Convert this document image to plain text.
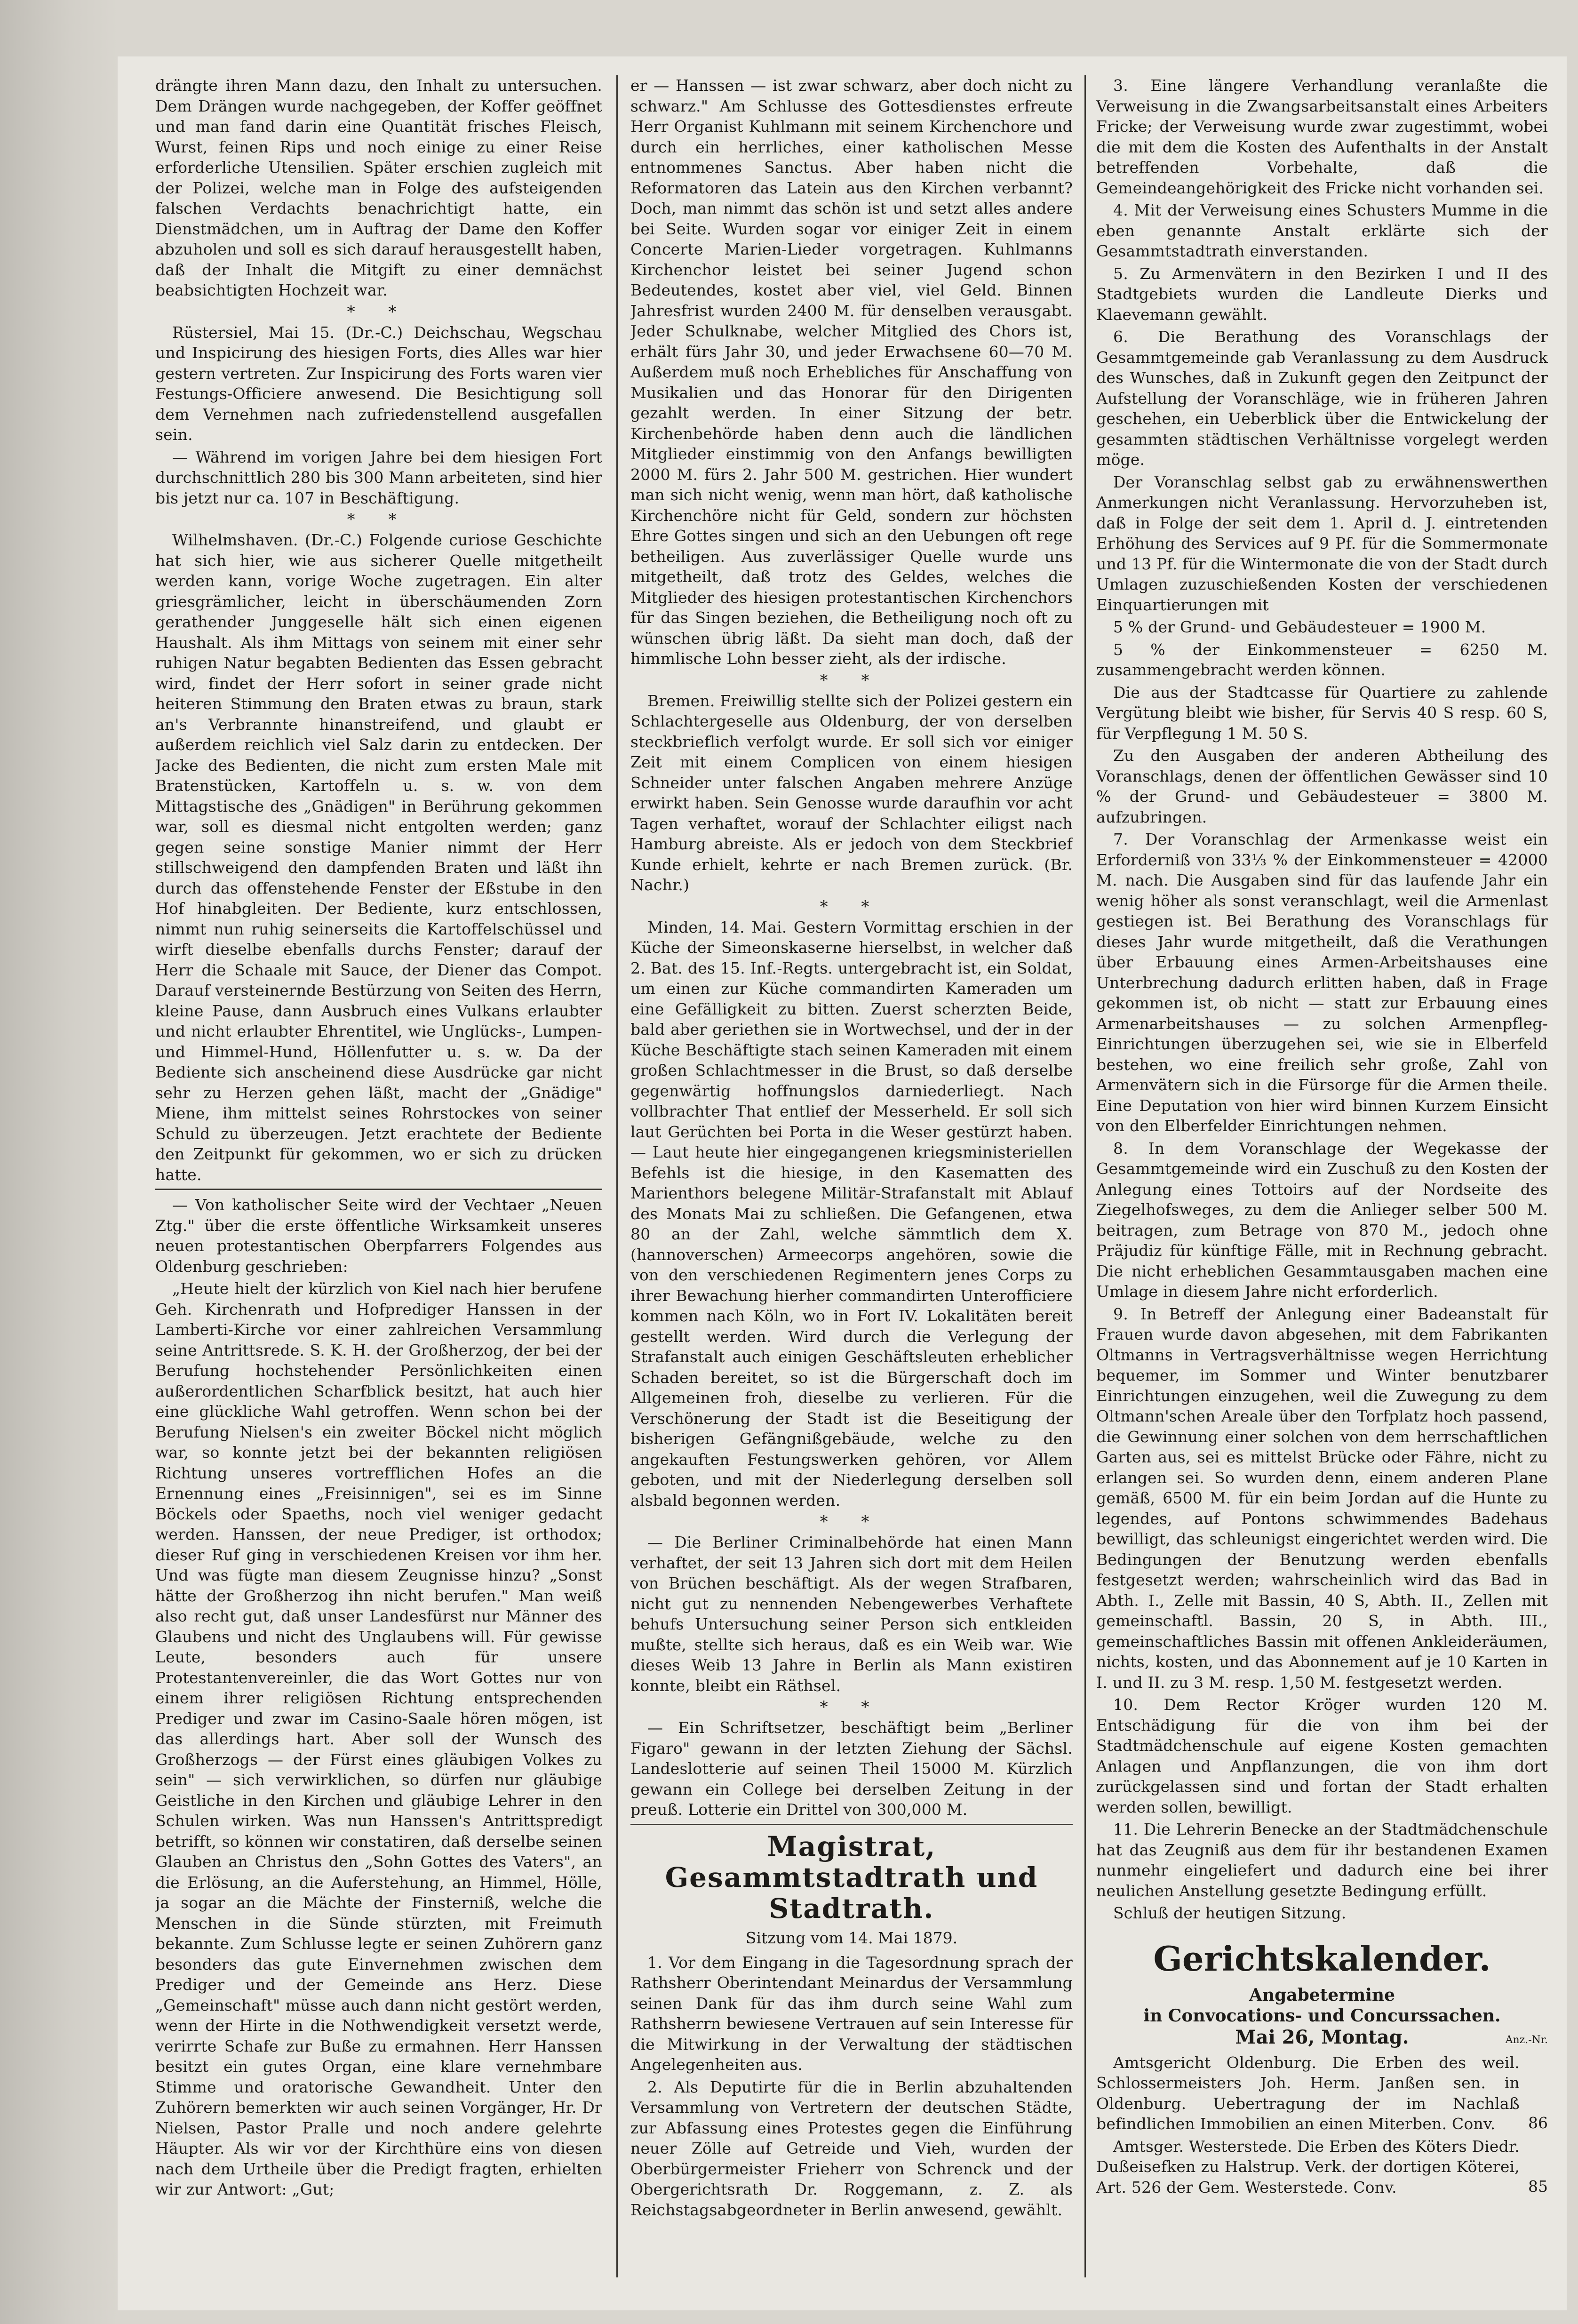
drängte ihren Mann dazu, den Inhalt zu untersuchen. Dem Drängen wurde nachgegeben, der Koffer geöffnet und man fand darin eine Quantität frisches Fleisch, Wurst, feinen Rips und noch einige zu einer Reise erforderliche Utensilien. Später erschien zugleich mit der Polizei, welche man in Folge des aufsteigenden falschen Verdachts benachrichtigt hatte, ein Dienstmädchen, um in Auftrag der Dame den Koffer abzuholen und soll es sich darauf herausgestellt haben, daß der Inhalt die Mitgift zu einer demnächst beabsichtigten Hochzeit war.

* *

Rüstersiel, Mai 15. (Dr.-C.) Deichschau, Wegschau und Inspicirung des hiesigen Forts, dies Alles war hier gestern vertreten. Zur Inspicirung des Forts waren vier Festungs-Officiere anwesend. Die Besichtigung soll dem Vernehmen nach zufriedenstellend ausgefallen sein.

— Während im vorigen Jahre bei dem hiesigen Fort durchschnittlich 280 bis 300 Mann arbeiteten, sind hier bis jetzt nur ca. 107 in Beschäftigung.

* *

Wilhelmshaven. (Dr.-C.) Folgende curiose Geschichte hat sich hier, wie aus sicherer Quelle mitgetheilt werden kann, vorige Woche zugetragen. Ein alter griesgrämlicher, leicht in überschäumenden Zorn gerathender Junggeselle hält sich einen eigenen Haushalt. Als ihm Mittags von seinem mit einer sehr ruhigen Natur begabten Bedienten das Essen gebracht wird, findet der Herr sofort in seiner grade nicht heiteren Stimmung den Braten etwas zu braun, stark an's Verbrannte hinanstreifend, und glaubt er außerdem reichlich viel Salz darin zu entdecken. Der Jacke des Bedienten, die nicht zum ersten Male mit Bratenstücken, Kartoffeln u. s. w. von dem Mittagstische des „Gnädigen" in Berührung gekommen war, soll es diesmal nicht entgolten werden; ganz gegen seine sonstige Manier nimmt der Herr stillschweigend den dampfenden Braten und läßt ihn durch das offenstehende Fenster der Eßstube in den Hof hinabgleiten. Der Bediente, kurz entschlossen, nimmt nun ruhig seinerseits die Kartoffelschüssel und wirft dieselbe ebenfalls durchs Fenster; darauf der Herr die Schaale mit Sauce, der Diener das Compot. Darauf versteinernde Bestürzung von Seiten des Herrn, kleine Pause, dann Ausbruch eines Vulkans erlaubter und nicht erlaubter Ehrentitel, wie Unglücks-, Lumpen- und Himmel-Hund, Höllenfutter u. s. w. Da der Bediente sich anscheinend diese Ausdrücke gar nicht sehr zu Herzen gehen läßt, macht der „Gnädige" Miene, ihm mittelst seines Rohrstockes von seiner Schuld zu überzeugen. Jetzt erachtete der Bediente den Zeitpunkt für gekommen, wo er sich zu drücken hatte.

— Von katholischer Seite wird der Vechtaer „Neuen Ztg." über die erste öffentliche Wirksamkeit unseres neuen protestantischen Oberpfarrers Folgendes aus Oldenburg geschrieben:

„Heute hielt der kürzlich von Kiel nach hier berufene Geh. Kirchenrath und Hofprediger Hanssen in der Lamberti-Kirche vor einer zahlreichen Versammlung seine Antrittsrede. S. K. H. der Großherzog, der bei der Berufung hochstehender Persönlichkeiten einen außerordentlichen Scharfblick besitzt, hat auch hier eine glückliche Wahl getroffen. Wenn schon bei der Berufung Nielsen's ein zweiter Böckel nicht möglich war, so konnte jetzt bei der bekannten religiösen Richtung unseres vortrefflichen Hofes an die Ernennung eines „Freisinnigen", sei es im Sinne Böckels oder Spaeths, noch viel weniger gedacht werden. Hanssen, der neue Prediger, ist orthodox; dieser Ruf ging in verschiedenen Kreisen vor ihm her. Und was fügte man diesem Zeugnisse hinzu? „Sonst hätte der Großherzog ihn nicht berufen." Man weiß also recht gut, daß unser Landesfürst nur Männer des Glaubens und nicht des Unglaubens will. Für gewisse Leute, besonders auch für unsere Protestantenvereinler, die das Wort Gottes nur von einem ihrer religiösen Richtung entsprechenden Prediger und zwar im Casino-Saale hören mögen, ist das allerdings hart. Aber soll der Wunsch des Großherzogs — der Fürst eines gläubigen Volkes zu sein" — sich verwirklichen, so dürfen nur gläubige Geistliche in den Kirchen und gläubige Lehrer in den Schulen wirken. Was nun Hanssen's Antrittspredigt betrifft, so können wir constatiren, daß derselbe seinen Glauben an Christus den „Sohn Gottes des Vaters", an die Erlösung, an die Auferstehung, an Himmel, Hölle, ja sogar an die Mächte der Finsterniß, welche die Menschen in die Sünde stürzten, mit Freimuth bekannte. Zum Schlusse legte er seinen Zuhörern ganz besonders das gute Einvernehmen zwischen dem Prediger und der Gemeinde ans Herz. Diese „Gemeinschaft" müsse auch dann nicht gestört werden, wenn der Hirte in die Nothwendigkeit versetzt werde, verirrte Schafe zur Buße zu ermahnen. Herr Hanssen besitzt ein gutes Organ, eine klare vernehmbare Stimme und oratorische Gewandheit. Unter den Zuhörern bemerkten wir auch seinen Vorgänger, Hr. Dr Nielsen, Pastor Pralle und noch andere gelehrte Häupter. Als wir vor der Kirchthüre eins von diesen nach dem Urtheile über die Predigt fragten, erhielten wir zur Antwort: „Gut;

er — Hanssen — ist zwar schwarz, aber doch nicht zu schwarz." Am Schlusse des Gottesdienstes erfreute Herr Organist Kuhlmann mit seinem Kirchenchore und durch ein herrliches, einer katholischen Messe entnommenes Sanctus. Aber haben nicht die Reformatoren das Latein aus den Kirchen verbannt? Doch, man nimmt das schön ist und setzt alles andere bei Seite. Wurden sogar vor einiger Zeit in einem Concerte Marien-Lieder vorgetragen. Kuhlmanns Kirchenchor leistet bei seiner Jugend schon Bedeutendes, kostet aber viel, viel Geld. Binnen Jahresfrist wurden 2400 M. für denselben verausgabt. Jeder Schulknabe, welcher Mitglied des Chors ist, erhält fürs Jahr 30, und jeder Erwachsene 60—70 M. Außerdem muß noch Erhebliches für Anschaffung von Musikalien und das Honorar für den Dirigenten gezahlt werden. In einer Sitzung der betr. Kirchenbehörde haben denn auch die ländlichen Mitglieder einstimmig von den Anfangs bewilligten 2000 M. fürs 2. Jahr 500 M. gestrichen. Hier wundert man sich nicht wenig, wenn man hört, daß katholische Kirchenchöre nicht für Geld, sondern zur höchsten Ehre Gottes singen und sich an den Uebungen oft rege betheiligen. Aus zuverlässiger Quelle wurde uns mitgetheilt, daß trotz des Geldes, welches die Mitglieder des hiesigen protestantischen Kirchenchors für das Singen beziehen, die Betheiligung noch oft zu wünschen übrig läßt. Da sieht man doch, daß der himmlische Lohn besser zieht, als der irdische.

* *

Bremen. Freiwillig stellte sich der Polizei gestern ein Schlachtergeselle aus Oldenburg, der von derselben steckbrieflich verfolgt wurde. Er soll sich vor einiger Zeit mit einem Complicen von einem hiesigen Schneider unter falschen Angaben mehrere Anzüge erwirkt haben. Sein Genosse wurde daraufhin vor acht Tagen verhaftet, worauf der Schlachter eiligst nach Hamburg abreiste. Als er jedoch von dem Steckbrief Kunde erhielt, kehrte er nach Bremen zurück. (Br. Nachr.)

* *

Minden, 14. Mai. Gestern Vormittag erschien in der Küche der Simeonskaserne hierselbst, in welcher daß 2. Bat. des 15. Inf.-Regts. untergebracht ist, ein Soldat, um einen zur Küche commandirten Kameraden um eine Gefälligkeit zu bitten. Zuerst scherzten Beide, bald aber geriethen sie in Wortwechsel, und der in der Küche Beschäftigte stach seinen Kameraden mit einem großen Schlachtmesser in die Brust, so daß derselbe gegenwärtig hoffnungslos darniederliegt. Nach vollbrachter That entlief der Messerheld. Er soll sich laut Gerüchten bei Porta in die Weser gestürzt haben. — Laut heute hier eingegangenen kriegsministeriellen Befehls ist die hiesige, in den Kasematten des Marienthors belegene Militär-Strafanstalt mit Ablauf des Monats Mai zu schließen. Die Gefangenen, etwa 80 an der Zahl, welche sämmtlich dem X. (hannoverschen) Armeecorps angehören, sowie die von den verschiedenen Regimentern jenes Corps zu ihrer Bewachung hierher commandirten Unterofficiere kommen nach Köln, wo in Fort IV. Lokalitäten bereit gestellt werden. Wird durch die Verlegung der Strafanstalt auch einigen Geschäftsleuten erheblicher Schaden bereitet, so ist die Bürgerschaft doch im Allgemeinen froh, dieselbe zu verlieren. Für die Verschönerung der Stadt ist die Beseitigung der bisherigen Gefängnißgebäude, welche zu den angekauften Festungswerken gehören, vor Allem geboten, und mit der Niederlegung derselben soll alsbald begonnen werden.

* *

— Die Berliner Criminalbehörde hat einen Mann verhaftet, der seit 13 Jahren sich dort mit dem Heilen von Brüchen beschäftigt. Als der wegen Strafbaren, nicht gut zu nennenden Nebengewerbes Verhaftete behufs Untersuchung seiner Person sich entkleiden mußte, stellte sich heraus, daß es ein Weib war. Wie dieses Weib 13 Jahre in Berlin als Mann existiren konnte, bleibt ein Räthsel.

* *

— Ein Schriftsetzer, beschäftigt beim „Berliner Figaro" gewann in der letzten Ziehung der Sächsl. Landeslotterie auf seinen Theil 15000 M. Kürzlich gewann ein College bei derselben Zeitung in der preuß. Lotterie ein Drittel von 300,000 M.

Magistrat, Gesammtstadtrath und Stadtrath.
Sitzung vom 14. Mai 1879.

1. Vor dem Eingang in die Tagesordnung sprach der Rathsherr Oberintendant Meinardus der Versammlung seinen Dank für das ihm durch seine Wahl zum Rathsherrn bewiesene Vertrauen auf sein Interesse für die Mitwirkung in der Verwaltung der städtischen Angelegenheiten aus.

2. Als Deputirte für die in Berlin abzuhaltenden Versammlung von Vertretern der deutschen Städte, zur Abfassung eines Protestes gegen die Einführung neuer Zölle auf Getreide und Vieh, wurden der Oberbürgermeister Frieherr von Schrenck und der Obergerichtsrath Dr. Roggemann, z. Z. als Reichstagsabgeordneter in Berlin anwesend, gewählt.

3. Eine längere Verhandlung veranlaßte die Verweisung in die Zwangsarbeitsanstalt eines Arbeiters Fricke; der Verweisung wurde zwar zugestimmt, wobei die mit dem die Kosten des Aufenthalts in der Anstalt betreffenden Vorbehalte, daß die Gemeindeangehörigkeit des Fricke nicht vorhanden sei.

4. Mit der Verweisung eines Schusters Mumme in die eben genannte Anstalt erklärte sich der Gesammtstadtrath einverstanden.

5. Zu Armenvätern in den Bezirken I und II des Stadtgebiets wurden die Landleute Dierks und Klaevemann gewählt.

6. Die Berathung des Voranschlags der Gesammtgemeinde gab Veranlassung zu dem Ausdruck des Wunsches, daß in Zukunft gegen den Zeitpunct der Aufstellung der Voranschläge, wie in früheren Jahren geschehen, ein Ueberblick über die Entwickelung der gesammten städtischen Verhältnisse vorgelegt werden möge.

Der Voranschlag selbst gab zu erwähnenswerthen Anmerkungen nicht Veranlassung. Hervorzuheben ist, daß in Folge der seit dem 1. April d. J. eintretenden Erhöhung des Services auf 9 Pf. für die Sommermonate und 13 Pf. für die Wintermonate die von der Stadt durch Umlagen zuzuschießenden Kosten der verschiedenen Einquartierungen mit

5 % der Grund- und Gebäudesteuer = 1900 M.

5 % der Einkommensteuer = 6250 M. zusammengebracht werden können.

Die aus der Stadtcasse für Quartiere zu zahlende Vergütung bleibt wie bisher, für Servis 40 S resp. 60 S, für Verpflegung 1 M. 50 S.

Zu den Ausgaben der anderen Abtheilung des Voranschlags, denen der öffentlichen Gewässer sind 10 % der Grund- und Gebäudesteuer = 3800 M. aufzubringen.

7. Der Voranschlag der Armenkasse weist ein Erforderniß von 33⅓ % der Einkommensteuer = 42000 M. nach. Die Ausgaben sind für das laufende Jahr ein wenig höher als sonst veranschlagt, weil die Armenlast gestiegen ist. Bei Berathung des Voranschlags für dieses Jahr wurde mitgetheilt, daß die Verathungen über Erbauung eines Armen-Arbeitshauses eine Unterbrechung dadurch erlitten haben, daß in Frage gekommen ist, ob nicht — statt zur Erbauung eines Armenarbeitshauses — zu solchen Armenpfleg-Einrichtungen überzugehen sei, wie sie in Elberfeld bestehen, wo eine freilich sehr große, Zahl von Armenvätern sich in die Fürsorge für die Armen theile. Eine Deputation von hier wird binnen Kurzem Einsicht von den Elberfelder Einrichtungen nehmen.

8. In dem Voranschlage der Wegekasse der Gesammtgemeinde wird ein Zuschuß zu den Kosten der Anlegung eines Tottoirs auf der Nordseite des Ziegelhofsweges, zu dem die Anlieger selber 500 M. beitragen, zum Betrage von 870 M., jedoch ohne Präjudiz für künftige Fälle, mit in Rechnung gebracht. Die nicht erheblichen Gesammtausgaben machen eine Umlage in diesem Jahre nicht erforderlich.

9. In Betreff der Anlegung einer Badeanstalt für Frauen wurde davon abgesehen, mit dem Fabrikanten Oltmanns in Vertragsverhältnisse wegen Herrichtung bequemer, im Sommer und Winter benutzbarer Einrichtungen einzugehen, weil die Zuwegung zu dem Oltmann'schen Areale über den Torfplatz hoch passend, die Gewinnung einer solchen von dem herrschaftlichen Garten aus, sei es mittelst Brücke oder Fähre, nicht zu erlangen sei. So wurden denn, einem anderen Plane gemäß, 6500 M. für ein beim Jordan auf die Hunte zu legendes, auf Pontons schwimmendes Badehaus bewilligt, das schleunigst eingerichtet werden wird. Die Bedingungen der Benutzung werden ebenfalls festgesetzt werden; wahrscheinlich wird das Bad in Abth. I., Zelle mit Bassin, 40 S, Abth. II., Zellen mit gemeinschaftl. Bassin, 20 S, in Abth. III., gemeinschaftliches Bassin mit offenen Ankleideräumen, nichts, kosten, und das Abonnement auf je 10 Karten in I. und II. zu 3 M. resp. 1,50 M. festgesetzt werden.

10. Dem Rector Kröger wurden 120 M. Entschädigung für die von ihm bei der Stadtmädchenschule auf eigene Kosten gemachten Anlagen und Anpflanzungen, die von ihm dort zurückgelassen sind und fortan der Stadt erhalten werden sollen, bewilligt.

11. Die Lehrerin Benecke an der Stadtmädchenschule hat das Zeugniß aus dem für ihr bestandenen Examen nunmehr eingeliefert und dadurch eine bei ihrer neulichen Anstellung gesetzte Bedingung erfüllt.

Schluß der heutigen Sitzung.

Gerichtskalender.
Angabetermine
in Convocations- und Concurssachen.
Mai 26, Montag.	Anz.-Nr.

Amtsgericht Oldenburg. Die Erben des weil. Schlossermeisters Joh. Herm. Janßen sen. in Oldenburg. Uebertragung der im Nachlaß befindlichen Immobilien an einen Miterben. Conv.	86

Amtsger. Westerstede. Die Erben des Köters Diedr. Dußeisefken zu Halstrup. Verk. der dortigen Köterei, Art. 526 der Gem. Westerstede. Conv.	85
